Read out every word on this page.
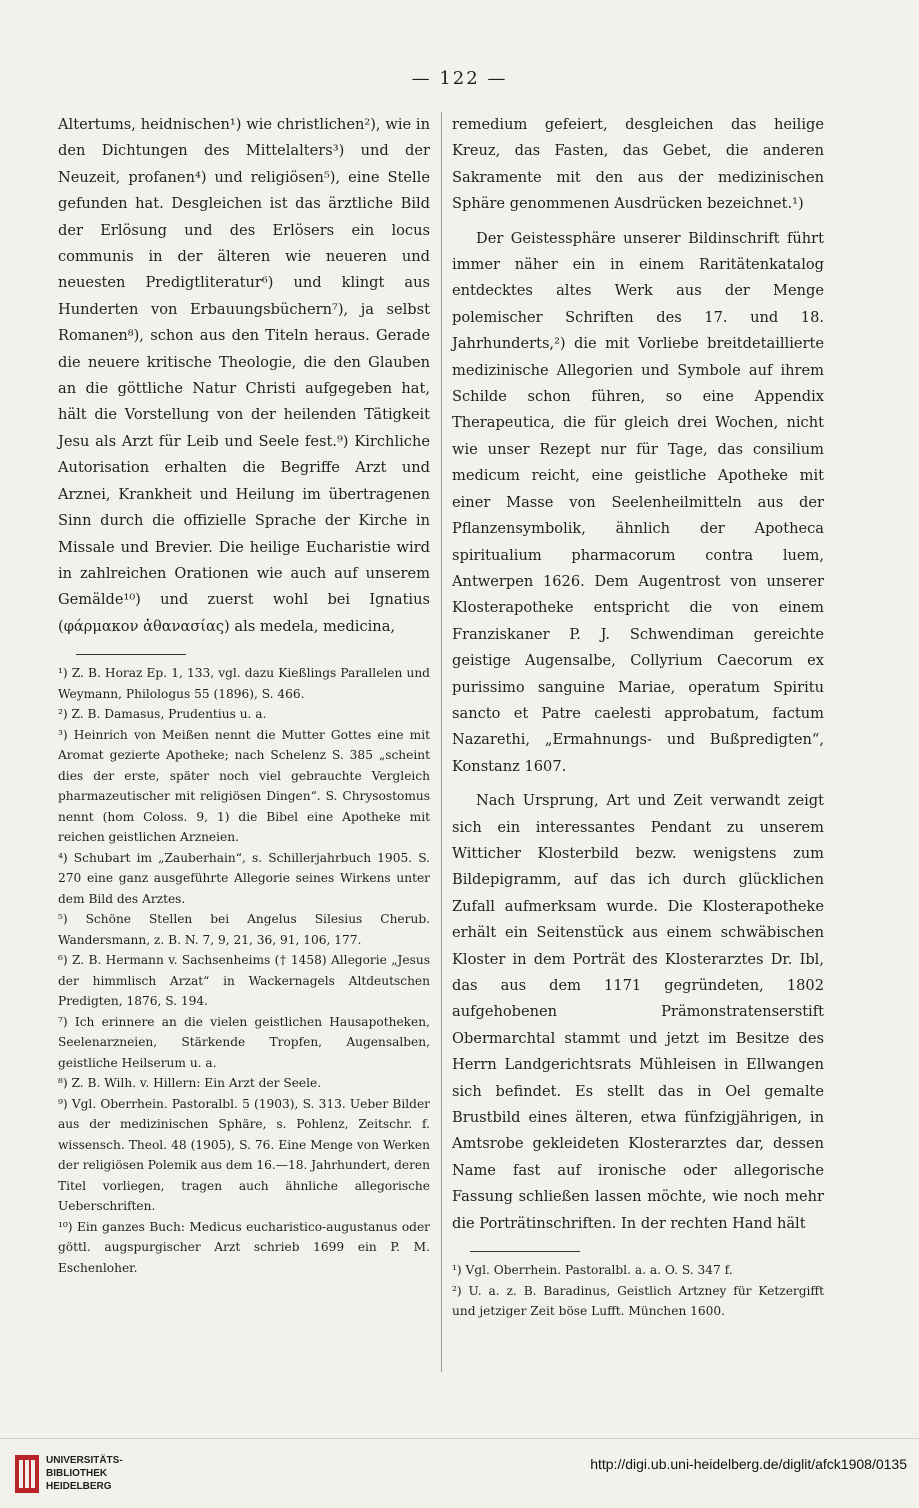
— 122 —

Altertums, heidnischen¹) wie christlichen²), wie in den Dichtungen des Mittelalters³) und der Neuzeit, profanen⁴) und religiösen⁵), eine Stelle gefunden hat. Desgleichen ist das ärztliche Bild der Erlösung und des Erlösers ein locus communis in der älteren wie neueren und neuesten Predigtliteratur⁶) und klingt aus Hunderten von Erbauungsbüchern⁷), ja selbst Romanen⁸), schon aus den Titeln heraus. Gerade die neuere kritische Theologie, die den Glauben an die göttliche Natur Christi aufgegeben hat, hält die Vorstellung von der heilenden Tätigkeit Jesu als Arzt für Leib und Seele fest.⁹) Kirchliche Autorisation erhalten die Begriffe Arzt und Arznei, Krankheit und Heilung im übertragenen Sinn durch die offizielle Sprache der Kirche in Missale und Brevier. Die heilige Eucharistie wird in zahlreichen Orationen wie auch auf unserem Gemälde¹⁰) und zuerst wohl bei Ignatius (φάρμακον ἀθανασίας) als medela, medicina,

¹) Z. B. Horaz Ep. 1, 133, vgl. dazu Kießlings Parallelen und Weymann, Philologus 55 (1896), S. 466.

²) Z. B. Damasus, Prudentius u. a.

³) Heinrich von Meißen nennt die Mutter Gottes eine mit Aromat gezierte Apotheke; nach Schelenz S. 385 „scheint dies der erste, später noch viel gebrauchte Vergleich pharmazeutischer mit religiösen Dingen“. S. Chrysostomus nennt (hom Coloss. 9, 1) die Bibel eine Apotheke mit reichen geistlichen Arzneien.

⁴) Schubart im „Zauberhain“, s. Schillerjahrbuch 1905. S. 270 eine ganz ausgeführte Allegorie seines Wirkens unter dem Bild des Arztes.

⁵) Schöne Stellen bei Angelus Silesius Cherub. Wandersmann, z. B. N. 7, 9, 21, 36, 91, 106, 177.

⁶) Z. B. Hermann v. Sachsenheims († 1458) Allegorie „Jesus der himmlisch Arzat“ in Wackernagels Altdeutschen Predigten, 1876, S. 194.

⁷) Ich erinnere an die vielen geistlichen Hausapotheken, Seelenarzneien, Stärkende Tropfen, Augensalben, geistliche Heilserum u. a.

⁸) Z. B. Wilh. v. Hillern: Ein Arzt der Seele.

⁹) Vgl. Oberrhein. Pastoralbl. 5 (1903), S. 313. Ueber Bilder aus der medizinischen Sphäre, s. Pohlenz, Zeitschr. f. wissensch. Theol. 48 (1905), S. 76. Eine Menge von Werken der religiösen Polemik aus dem 16.—18. Jahrhundert, deren Titel vorliegen, tragen auch ähnliche allegorische Ueberschriften.

¹⁰) Ein ganzes Buch: Medicus eucharistico-augustanus oder göttl. augspurgischer Arzt schrieb 1699 ein P. M. Eschenloher.

remedium gefeiert, desgleichen das heilige Kreuz, das Fasten, das Gebet, die anderen Sakramente mit den aus der medizinischen Sphäre genommenen Ausdrücken bezeichnet.¹)

Der Geistessphäre unserer Bildinschrift führt immer näher ein in einem Raritätenkatalog entdecktes altes Werk aus der Menge polemischer Schriften des 17. und 18. Jahrhunderts,²) die mit Vorliebe breitdetaillierte medizinische Allegorien und Symbole auf ihrem Schilde schon führen, so eine Appendix Therapeutica, die für gleich drei Wochen, nicht wie unser Rezept nur für Tage, das consilium medicum reicht, eine geistliche Apotheke mit einer Masse von Seelenheilmitteln aus der Pflanzensymbolik, ähnlich der Apotheca spiritualium pharmacorum contra luem, Antwerpen 1626. Dem Augentrost von unserer Klosterapotheke entspricht die von einem Franziskaner P. J. Schwendiman gereichte geistige Augensalbe, Collyrium Caecorum ex purissimo sanguine Mariae, operatum Spiritu sancto et Patre caelesti approbatum, factum Nazarethi, „Ermahnungs- und Bußpredigten“, Konstanz 1607.

Nach Ursprung, Art und Zeit verwandt zeigt sich ein interessantes Pendant zu unserem Witticher Klosterbild bezw. wenigstens zum Bildepigramm, auf das ich durch glücklichen Zufall aufmerksam wurde. Die Klosterapotheke erhält ein Seitenstück aus einem schwäbischen Kloster in dem Porträt des Klosterarztes Dr. Ibl, das aus dem 1171 gegründeten, 1802 aufgehobenen Prämonstratenserstift Obermarchtal stammt und jetzt im Besitze des Herrn Landgerichtsrats Mühleisen in Ellwangen sich befindet. Es stellt das in Oel gemalte Brustbild eines älteren, etwa fünfzigjährigen, in Amtsrobe gekleideten Klosterarztes dar, dessen Name fast auf ironische oder allegorische Fassung schließen lassen möchte, wie noch mehr die Porträtinschriften. In der rechten Hand hält

¹) Vgl. Oberrhein. Pastoralbl. a. a. O. S. 347 f.

²) U. a. z. B. Baradinus, Geistlich Artzney für Ketzergifft und jetziger Zeit böse Lufft. München 1600.

UNIVERSITÄTS-
BIBLIOTHEK
HEIDELBERG
http://digi.ub.uni-heidelberg.de/diglit/afck1908/0135
